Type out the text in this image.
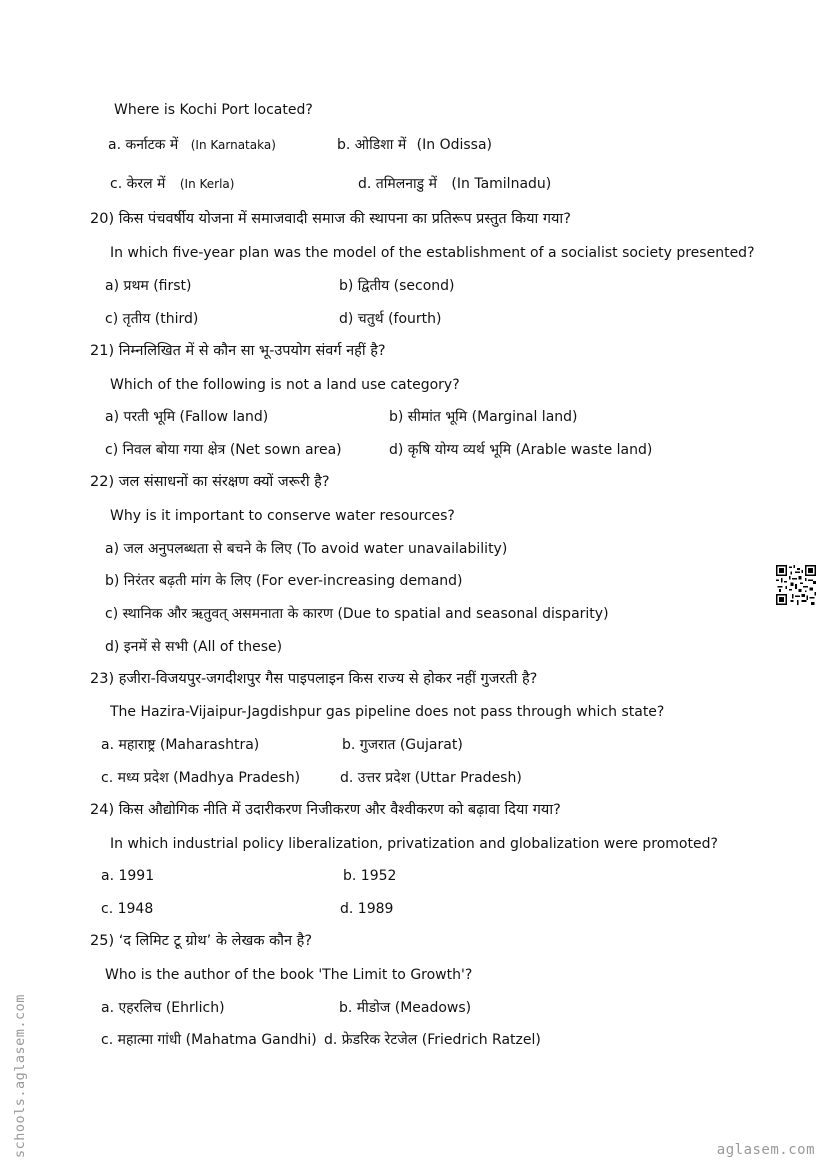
Where is Kochi Port located?
a. कर्नाटक में (In Karnataka)	b. ओडिशा में (In Odissa)
c. केरल में (In Kerla)	d. तमिलनाडु में (In Tamilnadu)
20) किस पंचवर्षीय योजना में समाजवादी समाज की स्थापना का प्रतिरूप प्रस्तुत किया गया?
In which five-year plan was the model of the establishment of a socialist society presented?
a) प्रथम (first)	b) द्वितीय (second)
c) तृतीय (third)	d) चतुर्थ (fourth)
21) निम्नलिखित में से कौन सा भू-उपयोग संवर्ग नहीं है?
Which of the following is not a land use category?
a) परती भूमि (Fallow land)	b) सीमांत भूमि (Marginal land)
c) निवल बोया गया क्षेत्र (Net sown area)	d) कृषि योग्य व्यर्थ भूमि (Arable waste land)
22) जल संसाधनों का संरक्षण क्यों जरूरी है?
Why is it important to conserve water resources?
a) जल अनुपलब्धता से बचने के लिए (To avoid water unavailability)
b) निरंतर बढ़ती मांग के लिए (For ever-increasing demand)
c) स्थानिक और ऋतुवत् असमनाता के कारण (Due to spatial and seasonal disparity)
d) इनमें से सभी (All of these)
23) हजीरा-विजयपुर-जगदीशपुर गैस पाइपलाइन किस राज्य से होकर नहीं गुजरती है?
The Hazira-Vijaipur-Jagdishpur gas pipeline does not pass through which state?
a. महाराष्ट्र (Maharashtra)	b. गुजरात (Gujarat)
c. मध्य प्रदेश (Madhya Pradesh)	d. उत्तर प्रदेश (Uttar Pradesh)
24) किस औद्योगिक नीति में उदारीकरण निजीकरण और वैश्वीकरण को बढ़ावा दिया गया?
In which industrial policy liberalization, privatization and globalization were promoted?
a. 1991	b. 1952
c. 1948	d. 1989
25) ‘द लिमिट टू ग्रोथ’ के लेखक कौन है?
Who is the author of the book 'The Limit to Growth'?
a. एहरलिच (Ehrlich)	b. मीडोज (Meadows)
c. महात्मा गांधी (Mahatma Gandhi) d. फ्रेडरिक रेटजेल (Friedrich Ratzel)
schools.aglasem.com	aglasem.com
